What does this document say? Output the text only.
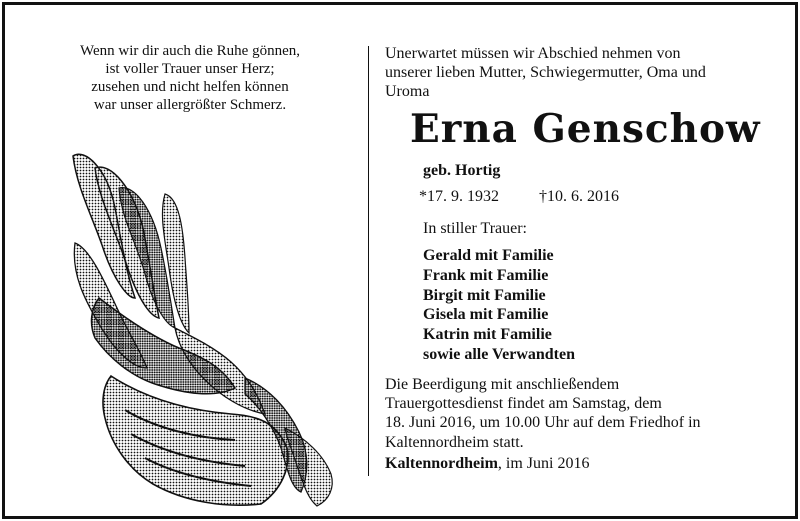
Wenn wir dir auch die Ruhe gönnen,
ist voller Trauer unser Herz;
zusehen und nicht helfen können
war unser allergrößter Schmerz.
Unerwartet müssen wir Abschied nehmen von
unserer lieben Mutter, Schwiegermutter, Oma und
Uroma
Erna Genschow
geb. Hortig
*17. 9. 1932	†10. 6. 2016
In stiller Trauer:
Gerald mit Familie
Frank mit Familie
Birgit mit Familie
Gisela mit Familie
Katrin mit Familie
sowie alle Verwandten
Die Beerdigung mit anschließendem
Trauergottesdienst findet am Samstag, dem
18. Juni 2016, um 10.00 Uhr auf dem Friedhof in
Kaltennordheim statt.
Kaltennordheim, im Juni 2016
